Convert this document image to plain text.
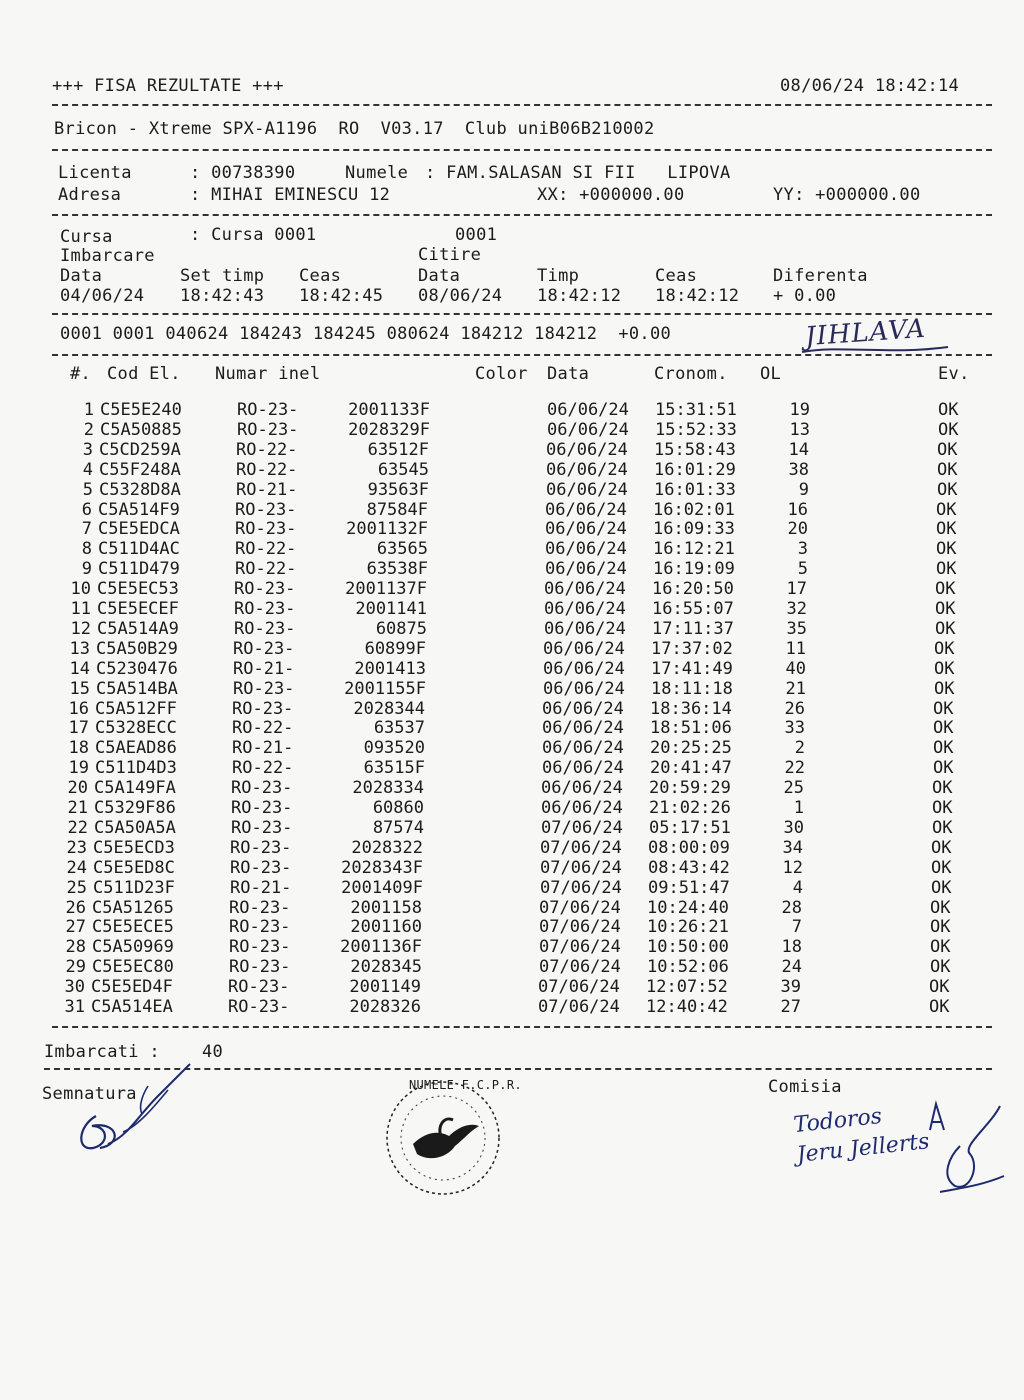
+++ FISA REZULTATE +++	08/06/24 18:42:14
Bricon - Xtreme SPX-A1196  RO  V03.17  Club uniB06B210002
Licenta	: 00738390	Numele : FAM.SALASAN SI FII   LIPOVA
Adresa	: MIHAI EMINESCU 12	XX: +000000.00	YY: +000000.00
Cursa	: Cursa 0001	0001
Imbarcare	Citire
Data	Set timp Ceas	Data	Timp	Ceas	Diferenta
04/06/24 18:42:43 18:42:45 08/06/24 18:42:12 18:42:12 + 0.00
0001 0001 040624 184243 184245 080624 184212 184212  +0.00	JIHLAVA
#. Cod El. Numar inel	Color Data	Cronom. OL	Ev.
1 C5E5E240	RO-23-	2001133F	06/06/24	15:31:51	19	OK
2 C5A50885	RO-23-	2028329F	06/06/24	15:52:33	13	OK
3 C5CD259A	RO-22-	63512F	06/06/24	15:58:43	14	OK
4 C55F248A	RO-22-	63545	06/06/24	16:01:29	38	OK
5 C5328D8A	RO-21-	93563F	06/06/24	16:01:33	9	OK
6 C5A514F9	RO-23-	87584F	06/06/24	16:02:01	16	OK
7 C5E5EDCA	RO-23-	2001132F	06/06/24	16:09:33	20	OK
8 C511D4AC	RO-22-	63565	06/06/24	16:12:21	3	OK
9 C511D479	RO-22-	63538F	06/06/24	16:19:09	5	OK
10 C5E5EC53	RO-23-	2001137F	06/06/24	16:20:50	17	OK
11 C5E5ECEF	RO-23-	2001141	06/06/24	16:55:07	32	OK
12 C5A514A9	RO-23-	60875	06/06/24	17:11:37	35	OK
13 C5A50B29	RO-23-	60899F	06/06/24	17:37:02	11	OK
14 C5230476	RO-21-	2001413	06/06/24	17:41:49	40	OK
15 C5A514BA	RO-23-	2001155F	06/06/24	18:11:18	21	OK
16 C5A512FF	RO-23-	2028344	06/06/24	18:36:14	26	OK
17 C5328ECC	RO-22-	63537	06/06/24	18:51:06	33	OK
18 C5AEAD86	RO-21-	093520	06/06/24	20:25:25	2	OK
19 C511D4D3	RO-22-	63515F	06/06/24	20:41:47	22	OK
20 C5A149FA	RO-23-	2028334	06/06/24	20:59:29	25	OK
21 C5329F86	RO-23-	60860	06/06/24	21:02:26	1	OK
22 C5A50A5A	RO-23-	87574	07/06/24	05:17:51	30	OK
23 C5E5ECD3	RO-23-	2028322	07/06/24	08:00:09	34	OK
24 C5E5ED8C	RO-23-	2028343F	07/06/24	08:43:42	12	OK
25 C511D23F	RO-21-	2001409F	07/06/24	09:51:47	4	OK
26 C5A51265	RO-23-	2001158	07/06/24	10:24:40	28	OK
27 C5E5ECE5	RO-23-	2001160	07/06/24	10:26:21	7	OK
28 C5A50969	RO-23-	2001136F	07/06/24	10:50:00	18	OK
29 C5E5EC80	RO-23-	2028345	07/06/24	10:52:06	24	OK
30 C5E5ED4F	RO-23-	2001149	07/06/24	12:07:52	39	OK
31 C5A514EA	RO-23-	2028326	07/06/24	12:40:42	27	OK
Imbarcati : 40
Semnatura	Comisia
NUMELE F.C.P.R.
Todoros Jeru Jellerts
